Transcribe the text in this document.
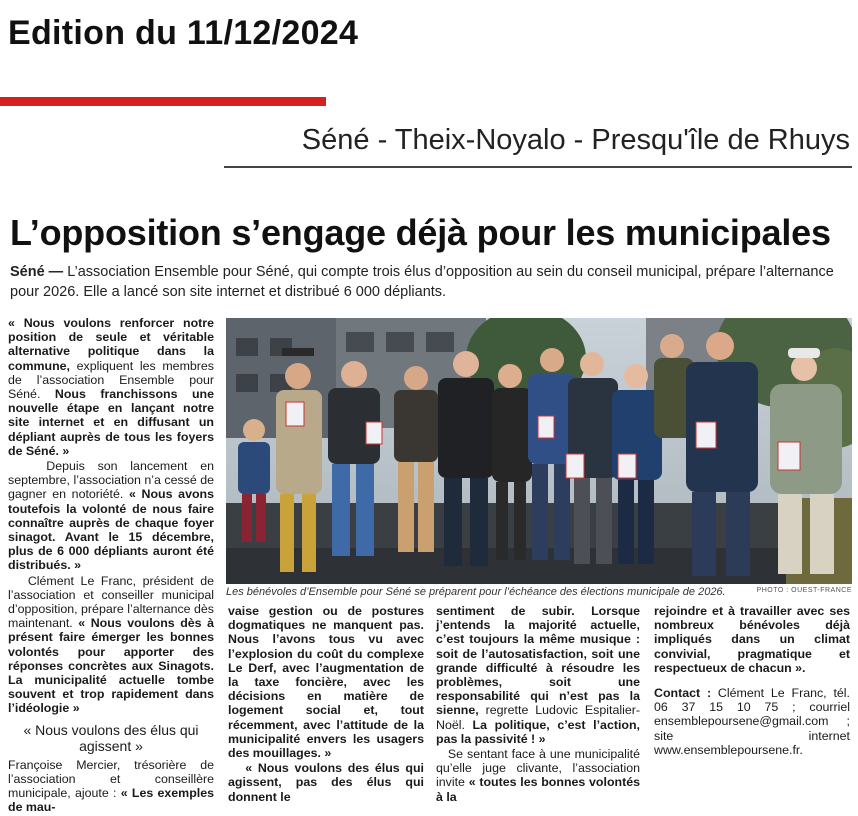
Edition du 11/12/2024
Séné - Theix-Noyalo - Presqu'île de Rhuys
L’opposition s’engage déjà pour les municipales
Séné — L’association Ensemble pour Séné, qui compte trois élus d’opposition au sein du conseil municipal, prépare l’alternance pour 2026. Elle a lancé son site internet et distribué 6 000 dépliants.
Les bénévoles d’Ensemble pour Séné se préparent pour l’échéance des élections municipale de 2026.	PHOTO : OUEST-FRANCE

« Nous voulons renforcer notre position de seule et véritable alternative politique dans la commune, expliquent les membres de l’association Ensemble pour Séné. Nous franchissons une nouvelle étape en lançant notre site internet et en diffusant un dépliant auprès de tous les foyers de Séné. »

Depuis son lancement en septembre, l’association n’a cessé de gagner en notoriété. « Nous avons toutefois la volonté de nous faire connaître auprès de chaque foyer sinagot. Avant le 15 décembre, plus de 6 000 dépliants auront été distribués. »

Clément Le Franc, président de l’association et conseiller municipal d’opposition, prépare l’alternance dès maintenant. « Nous voulons dès à présent faire émerger les bonnes volontés pour apporter des réponses concrètes aux Sinagots. La municipalité actuelle tombe souvent et trop rapidement dans l’idéologie »

« Nous voulons des élus qui agissent »

Françoise Mercier, trésorière de l’association et conseillère municipale, ajoute : « Les exemples de mau-

vaise gestion ou de postures dogmatiques ne manquent pas. Nous l’avons tous vu avec l’explosion du coût du complexe Le Derf, avec l’augmentation de la taxe foncière, avec les décisions en matière de logement social et, tout récemment, avec l’attitude de la municipalité envers les usagers des mouillages. »

« Nous voulons des élus qui agissent, pas des élus qui donnent le

sentiment de subir. Lorsque j’entends la majorité actuelle, c’est toujours la même musique : soit de l’autosatisfaction, soit une grande difficulté à résoudre les problèmes, soit une responsabilité qui n’est pas la sienne, regrette Ludovic Espitalier-Noël. La politique, c’est l’action, pas la passivité ! »

Se sentant face à une municipalité qu’elle juge clivante, l’association invite « toutes les bonnes volontés à la

rejoindre et à travailler avec ses nombreux bénévoles déjà impliqués dans un climat convivial, pragmatique et respectueux de chacun ».

Contact : Clément Le Franc, tél. 06 37 15 10 75 ; courriel ensemblepoursene@gmail.com ; site internet www.ensemblepoursene.fr.
